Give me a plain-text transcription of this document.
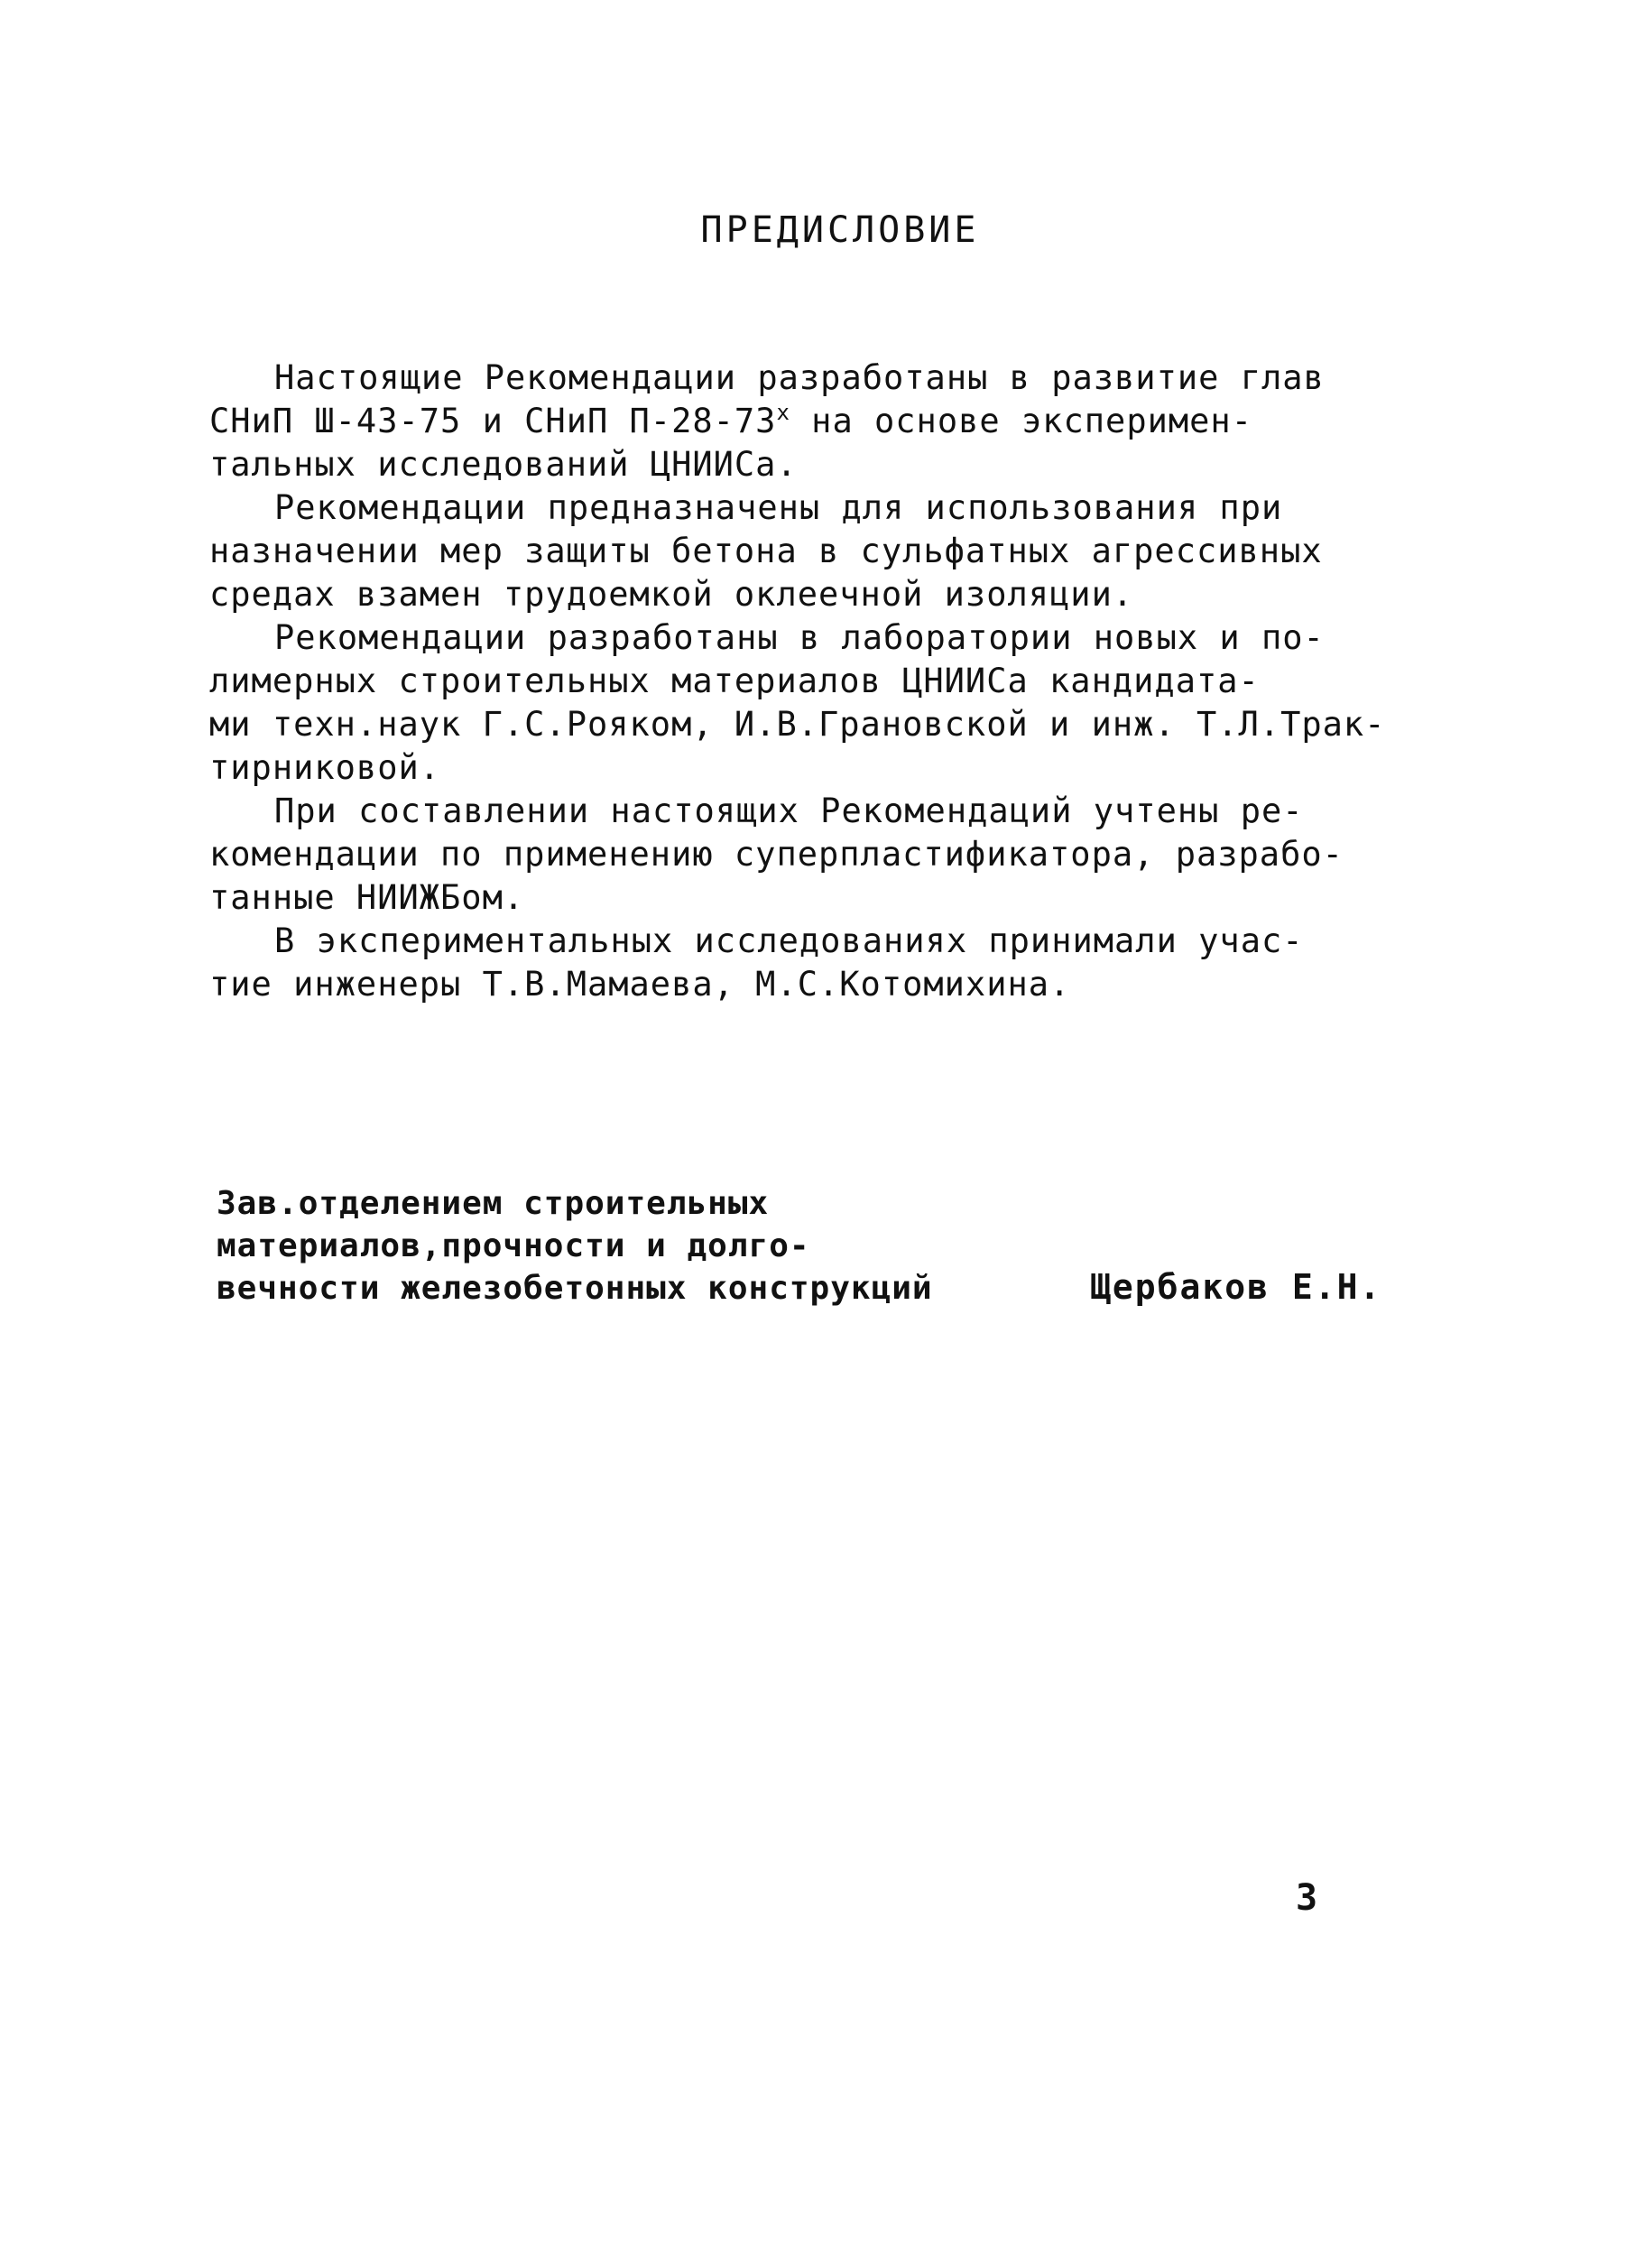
ПРЕДИСЛОВИЕ
Настоящие Рекомендации разработаны в развитие глав
СНиП Ш-43-75 и СНиП $П-28-73^х$ на основе эксперимен-
тальных исследований ЦНИИСа.
Рекомендации предназначены для использования при
назначении мер защиты бетона в сульфатных агрессивных
средах взамен трудоемкой оклеечной изоляции.
Рекомендации разработаны в лаборатории новых и по-
лимерных строительных материалов ЦНИИСа кандидата-
ми техн.наук Г.С.Рояком, И.В.Грановской и инж. Т.Л.Трак-
тирниковой.
При составлении настоящих Рекомендаций учтены ре-
комендации по применению суперпластификатора, разрабо-
танные НИИЖБом.
В экспериментальных исследованиях принимали учас-
тие инженеры Т.В.Мамаева, М.С.Котомихина.
Зав.отделением строительных
материалов,прочности и долго-
вечности железобетонных конструкций	Щербаков Е.Н.
3
